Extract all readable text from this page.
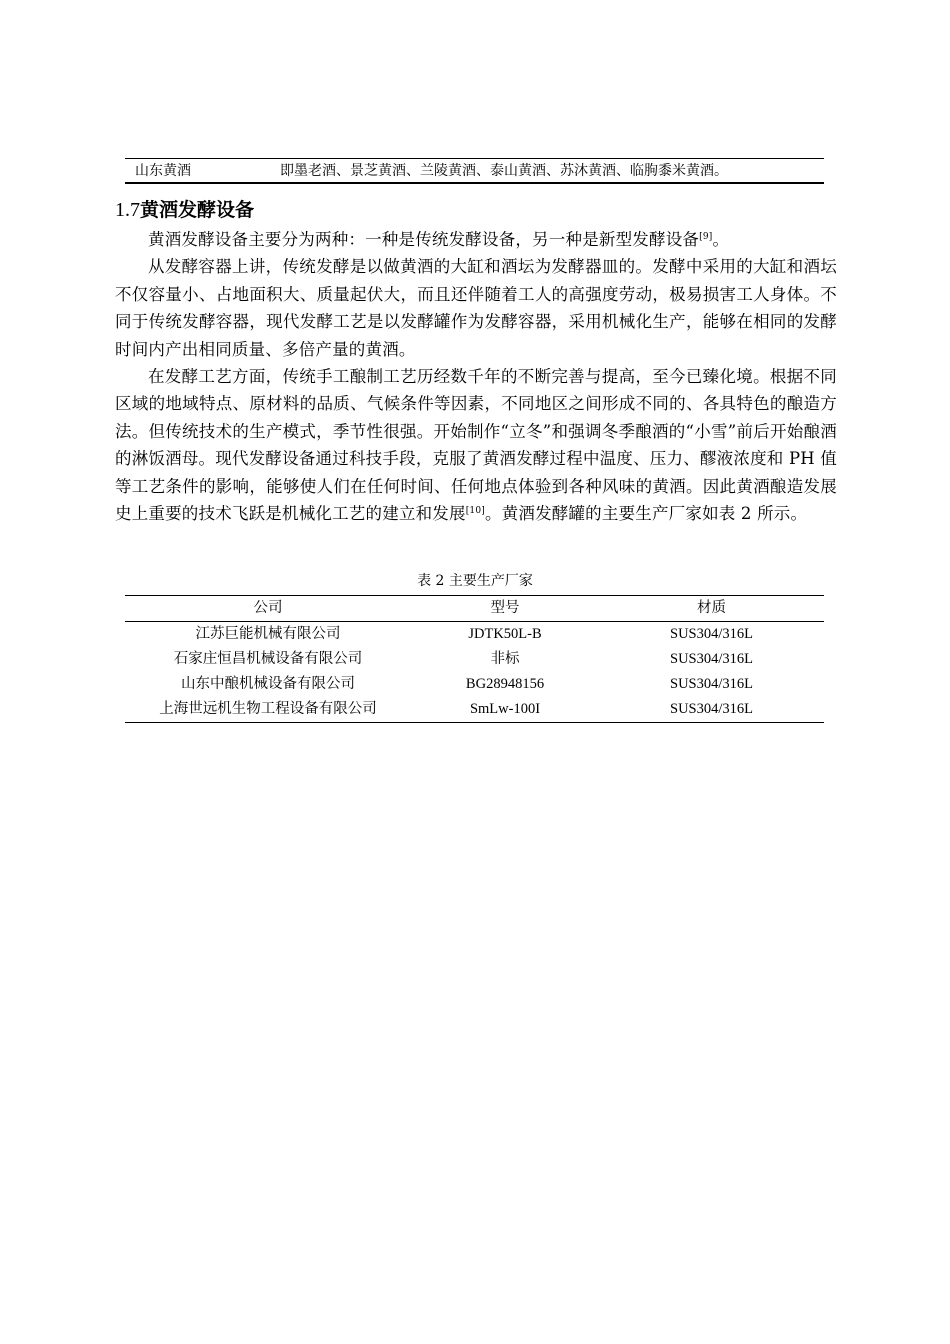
山东黄酒	即墨老酒、景芝黄酒、兰陵黄酒、泰山黄酒、苏沐黄酒、临朐黍米黄酒。
1.7黄酒发酵设备

黄酒发酵设备主要分为两种：一种是传统发酵设备，另一种是新型发酵设备[9]。

从发酵容器上讲，传统发酵是以做黄酒的大缸和酒坛为发酵器皿的。发酵中采用的大缸和酒坛不仅容量小、占地面积大、质量起伏大，而且还伴随着工人的高强度劳动，极易损害工人身体。不同于传统发酵容器，现代发酵工艺是以发酵罐作为发酵容器，采用机械化生产，能够在相同的发酵时间内产出相同质量、多倍产量的黄酒。

在发酵工艺方面，传统手工酿制工艺历经数千年的不断完善与提高，至今已臻化境。根据不同区域的地域特点、原材料的品质、气候条件等因素，不同地区之间形成不同的、各具特色的酿造方法。但传统技术的生产模式，季节性很强。开始制作“立冬”和强调冬季酿酒的“小雪”前后开始酿酒的淋饭酒母。现代发酵设备通过科技手段，克服了黄酒发酵过程中温度、压力、醪液浓度和 PH 值等工艺条件的影响，能够使人们在任何时间、任何地点体验到各种风味的黄酒。因此黄酒酿造发展史上重要的技术飞跃是机械化工艺的建立和发展[10]。黄酒发酵罐的主要生产厂家如表 2 所示。

表 2 主要生产厂家
公司	型号	材质
江苏巨能机械有限公司	JDTK50L-B	SUS304/316L
石家庄恒昌机械设备有限公司	非标	SUS304/316L
山东中酿机械设备有限公司	BG28948156	SUS304/316L
上海世远机生物工程设备有限公司	SmLw-100I	SUS304/316L
